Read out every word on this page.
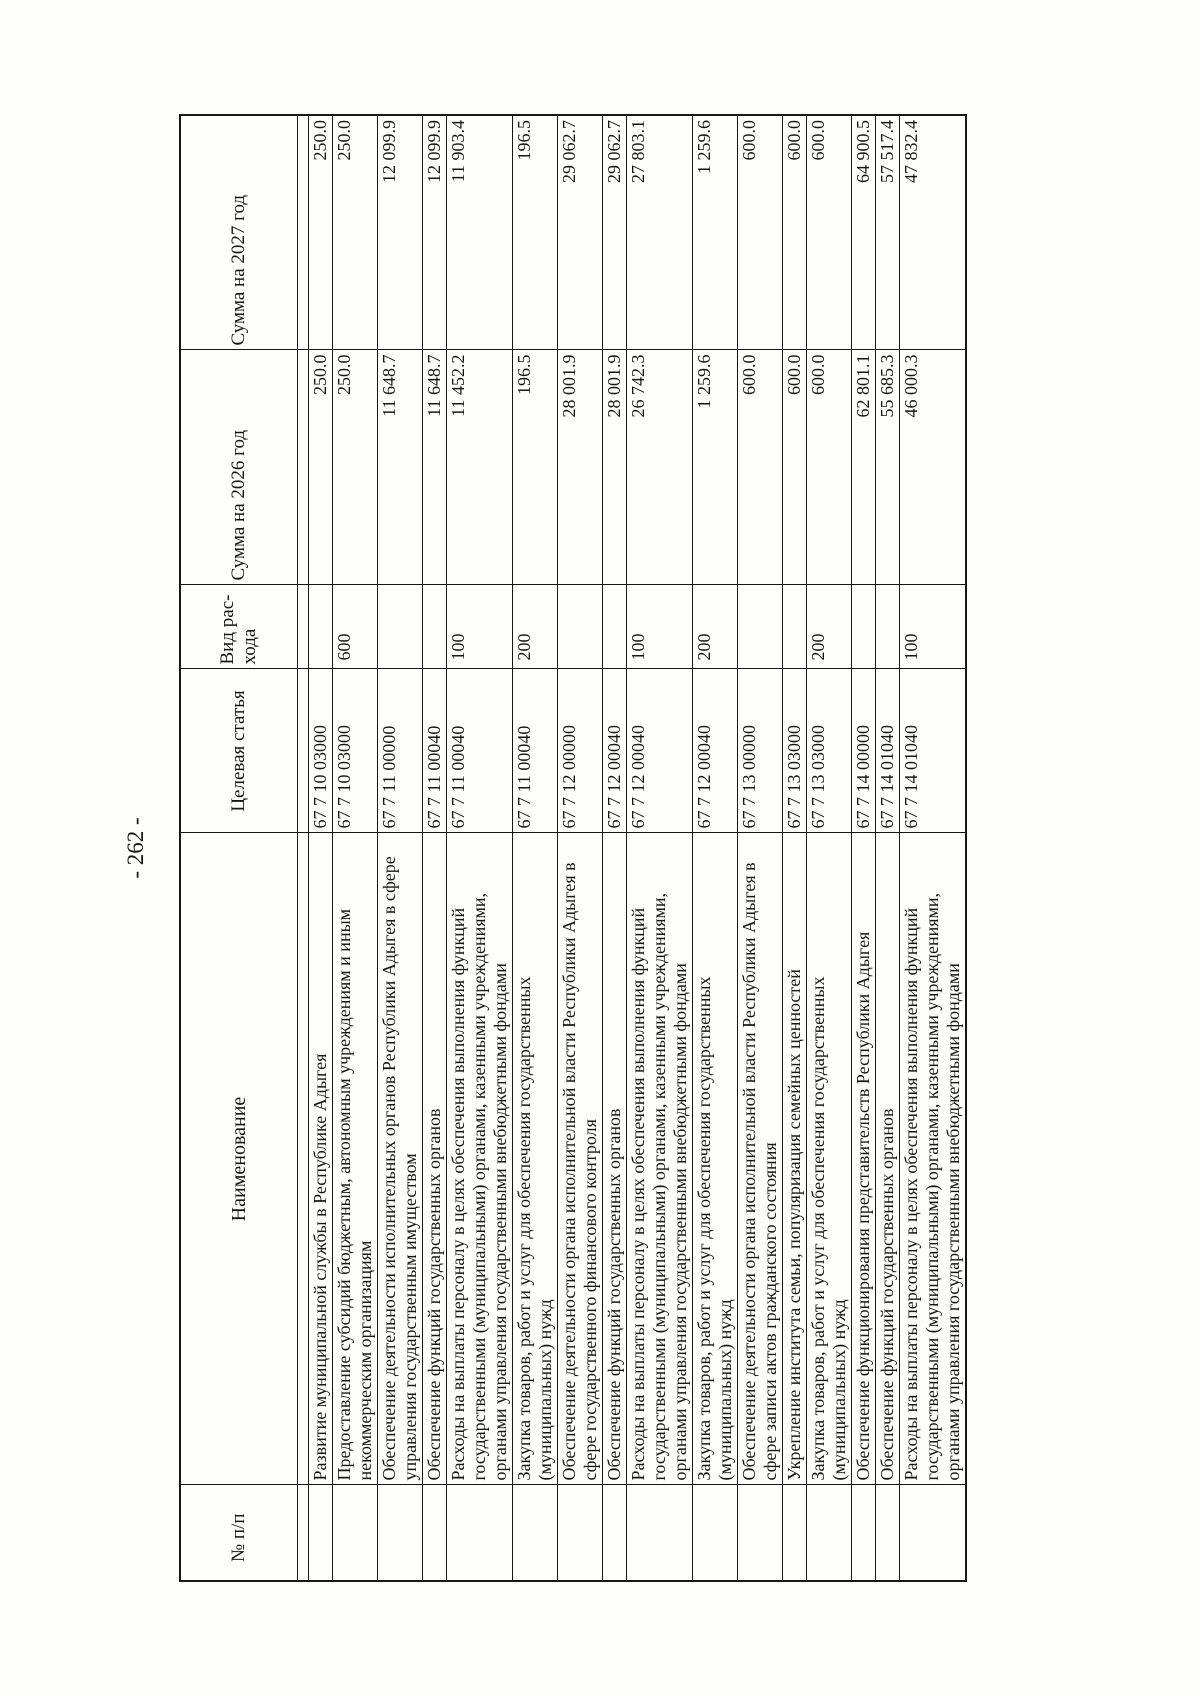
- 262 -
№ п/п	Наименование	Целевая статья	Вид рас-хода	Сумма на 2026 год	Сумма на 2027 год

	Развитие муниципальной службы в Республике Адыгея	67 7 10 03000		250.0	250.0
	Предоставление субсидий бюджетным, автономным учреждениям и иным некоммерческим организациям	67 7 10 03000	600	250.0	250.0
	Обеспечение деятельности исполнительных органов Республики Адыгея в сфере управления государственным имуществом	67 7 11 00000		11 648.7	12 099.9
	Обеспечение функций государственных органов	67 7 11 00040		11 648.7	12 099.9
	Расходы на выплаты персоналу в целях обеспечения выполнения функций государственными (муниципальными) органами, казенными учреждениями, органами управления государственными внебюджетными фондами	67 7 11 00040	100	11 452.2	11 903.4
	Закупка товаров, работ и услуг для обеспечения государственных (муниципальных) нужд	67 7 11 00040	200	196.5	196.5
	Обеспечение деятельности органа исполнительной власти Республики Адыгея в сфере государственного финансового контроля	67 7 12 00000		28 001.9	29 062.7
	Обеспечение функций государственных органов	67 7 12 00040		28 001.9	29 062.7
	Расходы на выплаты персоналу в целях обеспечения выполнения функций государственными (муниципальными) органами, казенными учреждениями, органами управления государственными внебюджетными фондами	67 7 12 00040	100	26 742.3	27 803.1
	Закупка товаров, работ и услуг для обеспечения государственных (муниципальных) нужд	67 7 12 00040	200	1 259.6	1 259.6
	Обеспечение деятельности органа исполнительной власти Республики Адыгея в сфере записи актов гражданского состояния	67 7 13 00000		600.0	600.0
	Укрепление института семьи, популяризация семейных ценностей	67 7 13 03000		600.0	600.0
	Закупка товаров, работ и услуг для обеспечения государственных (муниципальных) нужд	67 7 13 03000	200	600.0	600.0
	Обеспечение функционирования представительств Республики Адыгея	67 7 14 00000		62 801.1	64 900.5
	Обеспечение функций государственных органов	67 7 14 01040		55 685.3	57 517.4
	Расходы на выплаты персоналу в целях обеспечения выполнения функций государственными (муниципальными) органами, казенными учреждениями, органами управления государственными внебюджетными фондами	67 7 14 01040	100	46 000.3	47 832.4
